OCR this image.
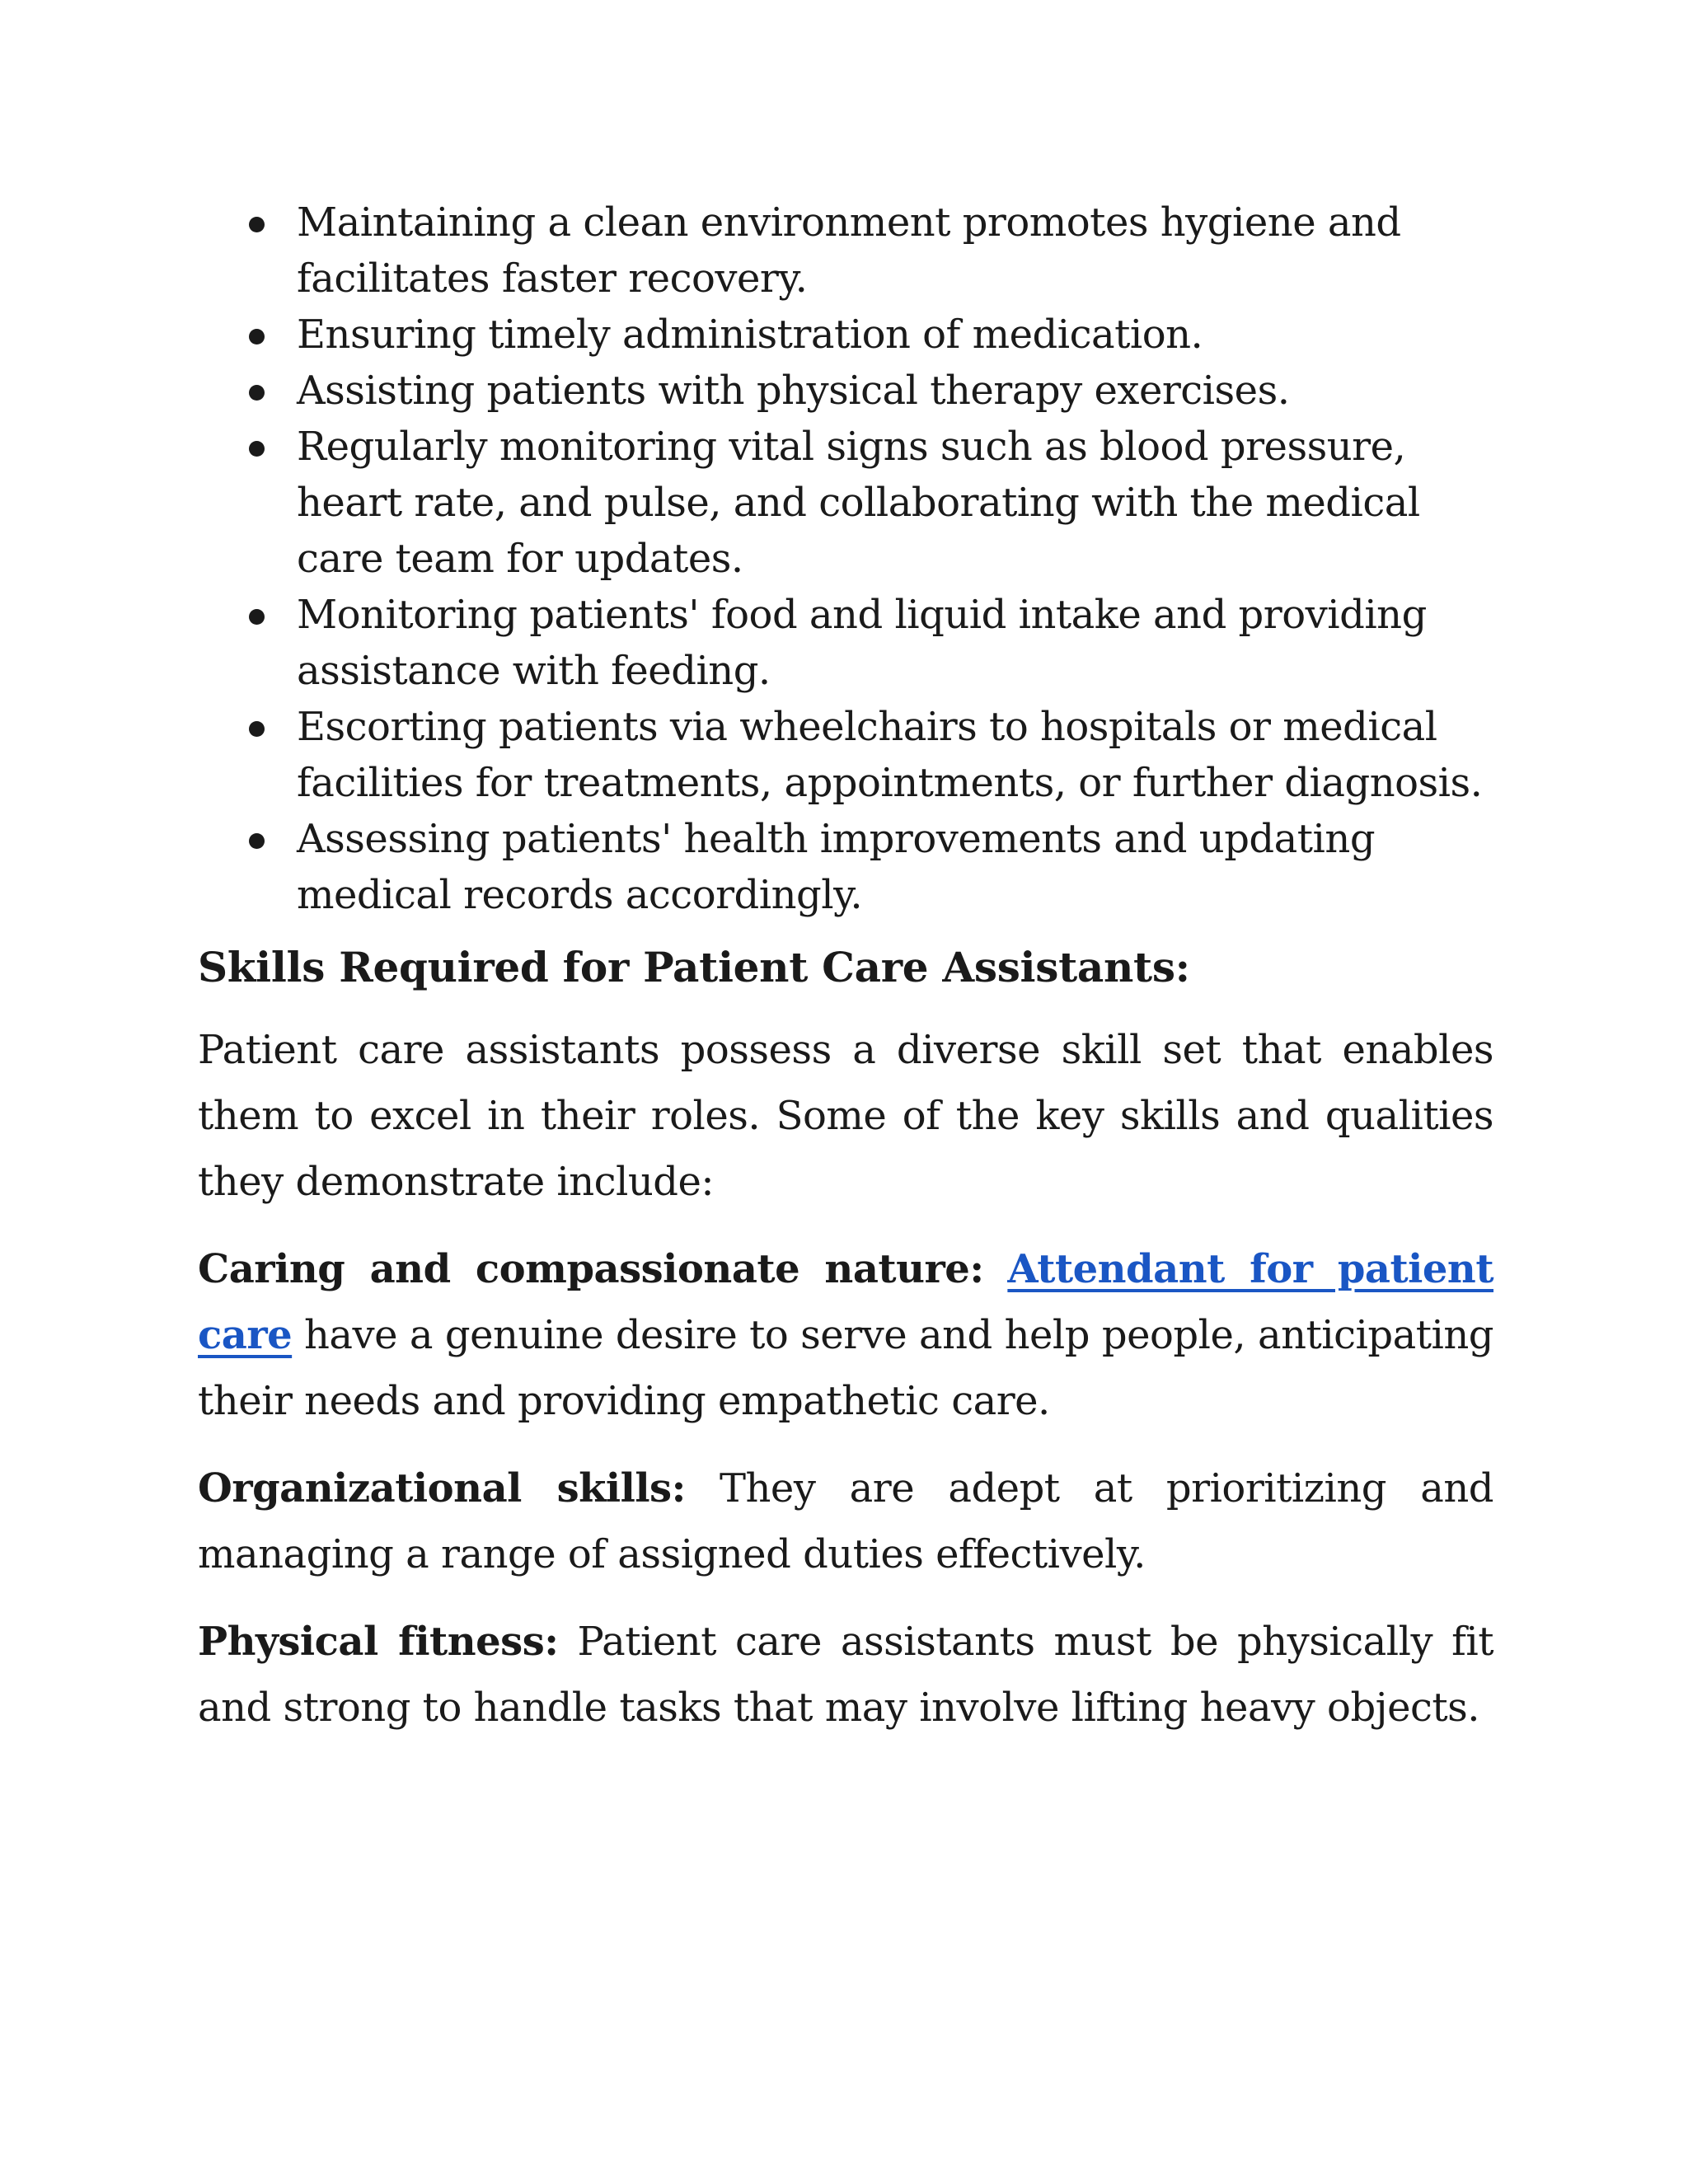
Maintaining a clean environment promotes hygiene and facilitates faster recovery.
Ensuring timely administration of medication.
Assisting patients with physical therapy exercises.
Regularly monitoring vital signs such as blood pressure, heart rate, and pulse, and collaborating with the medical care team for updates.
Monitoring patients' food and liquid intake and providing assistance with feeding.
Escorting patients via wheelchairs to hospitals or medical facilities for treatments, appointments, or further diagnosis.
Assessing patients' health improvements and updating medical records accordingly.
Skills Required for Patient Care Assistants:

Patient care assistants possess a diverse skill set that enables them to excel in their roles. Some of the key skills and qualities they demonstrate include:

Caring and compassionate nature: Attendant for patient care have a genuine desire to serve and help people, anticipating their needs and providing empathetic care.

Organizational skills: They are adept at prioritizing and managing a range of assigned duties effectively.

Physical fitness: Patient care assistants must be physically fit and strong to handle tasks that may involve lifting heavy objects.
